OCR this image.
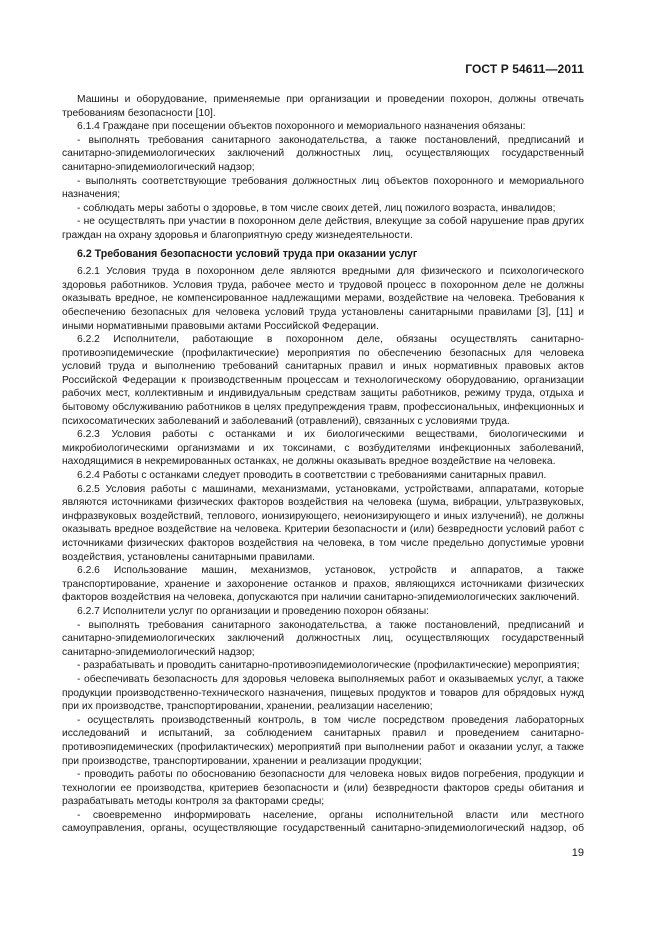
ГОСТ Р 54611—2011

Машины и оборудование, применяемые при организации и проведении похорон, должны отвечать требованиям безопасности [10].

6.1.4 Граждане при посещении объектов похоронного и мемориального назначения обязаны:

- выполнять требования санитарного законодательства, а также постановлений, предписаний и санитарно-эпидемиологических заключений должностных лиц, осуществляющих государственный санитарно-эпидемиологический надзор;

- выполнять соответствующие требования должностных лиц объектов похоронного и мемориального назначения;

- соблюдать меры заботы о здоровье, в том числе своих детей, лиц пожилого возраста, инвалидов;

- не осуществлять при участии в похоронном деле действия, влекущие за собой нарушение прав других граждан на охрану здоровья и благоприятную среду жизнедеятельности.

6.2 Требования безопасности условий труда при оказании услуг

6.2.1 Условия труда в похоронном деле являются вредными для физического и психологического здоровья работников. Условия труда, рабочее место и трудовой процесс в похоронном деле не должны оказывать вредное, не компенсированное надлежащими мерами, воздействие на человека. Требования к обеспечению безопасных для человека условий труда установлены санитарными правилами [3], [11] и иными нормативными правовыми актами Российской Федерации.

6.2.2 Исполнители, работающие в похоронном деле, обязаны осуществлять санитарно-противоэпидемические (профилактические) мероприятия по обеспечению безопасных для человека условий труда и выполнению требований санитарных правил и иных нормативных правовых актов Российской Федерации к производственным процессам и технологическому оборудованию, организации рабочих мест, коллективным и индивидуальным средствам защиты работников, режиму труда, отдыха и бытовому обслуживанию работников в целях предупреждения травм, профессиональных, инфекционных и психосоматических заболеваний и заболеваний (отравлений), связанных с условиями труда.

6.2.3 Условия работы с останками и их биологическими веществами, биологическими и микробиологическими организмами и их токсинами, с возбудителями инфекционных заболеваний, находящимися в некремированных останках, не должны оказывать вредное воздействие на человека.

6.2.4 Работы с останками следует проводить в соответствии с требованиями санитарных правил.

6.2.5 Условия работы с машинами, механизмами, установками, устройствами, аппаратами, которые являются источниками физических факторов воздействия на человека (шума, вибрации, ультразвуковых, инфразвуковых воздействий, теплового, ионизирующего, неионизирующего и иных излучений), не должны оказывать вредное воздействие на человека. Критерии безопасности и (или) безвредности условий работ с источниками физических факторов воздействия на человека, в том числе предельно допустимые уровни воздействия, установлены санитарными правилами.

6.2.6 Использование машин, механизмов, установок, устройств и аппаратов, а также транспортирование, хранение и захоронение останков и прахов, являющихся источниками физических факторов воздействия на человека, допускаются при наличии санитарно-эпидемиологических заключений.

6.2.7 Исполнители услуг по организации и проведению похорон обязаны:

- выполнять требования санитарного законодательства, а также постановлений, предписаний и санитарно-эпидемиологических заключений должностных лиц, осуществляющих государственный санитарно-эпидемиологический надзор;

- разрабатывать и проводить санитарно-противоэпидемиологические (профилактические) мероприятия;

- обеспечивать безопасность для здоровья человека выполняемых работ и оказываемых услуг, а также продукции производственно-технического назначения, пищевых продуктов и товаров для обрядовых нужд при их производстве, транспортировании, хранении, реализации населению;

- осуществлять производственный контроль, в том числе посредством проведения лабораторных исследований и испытаний, за соблюдением санитарных правил и проведением санитарно-противоэпидемических (профилактических) мероприятий при выполнении работ и оказании услуг, а также при производстве, транспортировании, хранении и реализации продукции;

- проводить работы по обоснованию безопасности для человека новых видов погребения, продукции и технологии ее производства, критериев безопасности и (или) безвредности факторов среды обитания и разрабатывать методы контроля за факторами среды;

- своевременно информировать население, органы исполнительной власти или местного самоуправления, органы, осуществляющие государственный санитарно-эпидемиологический надзор, об

19
